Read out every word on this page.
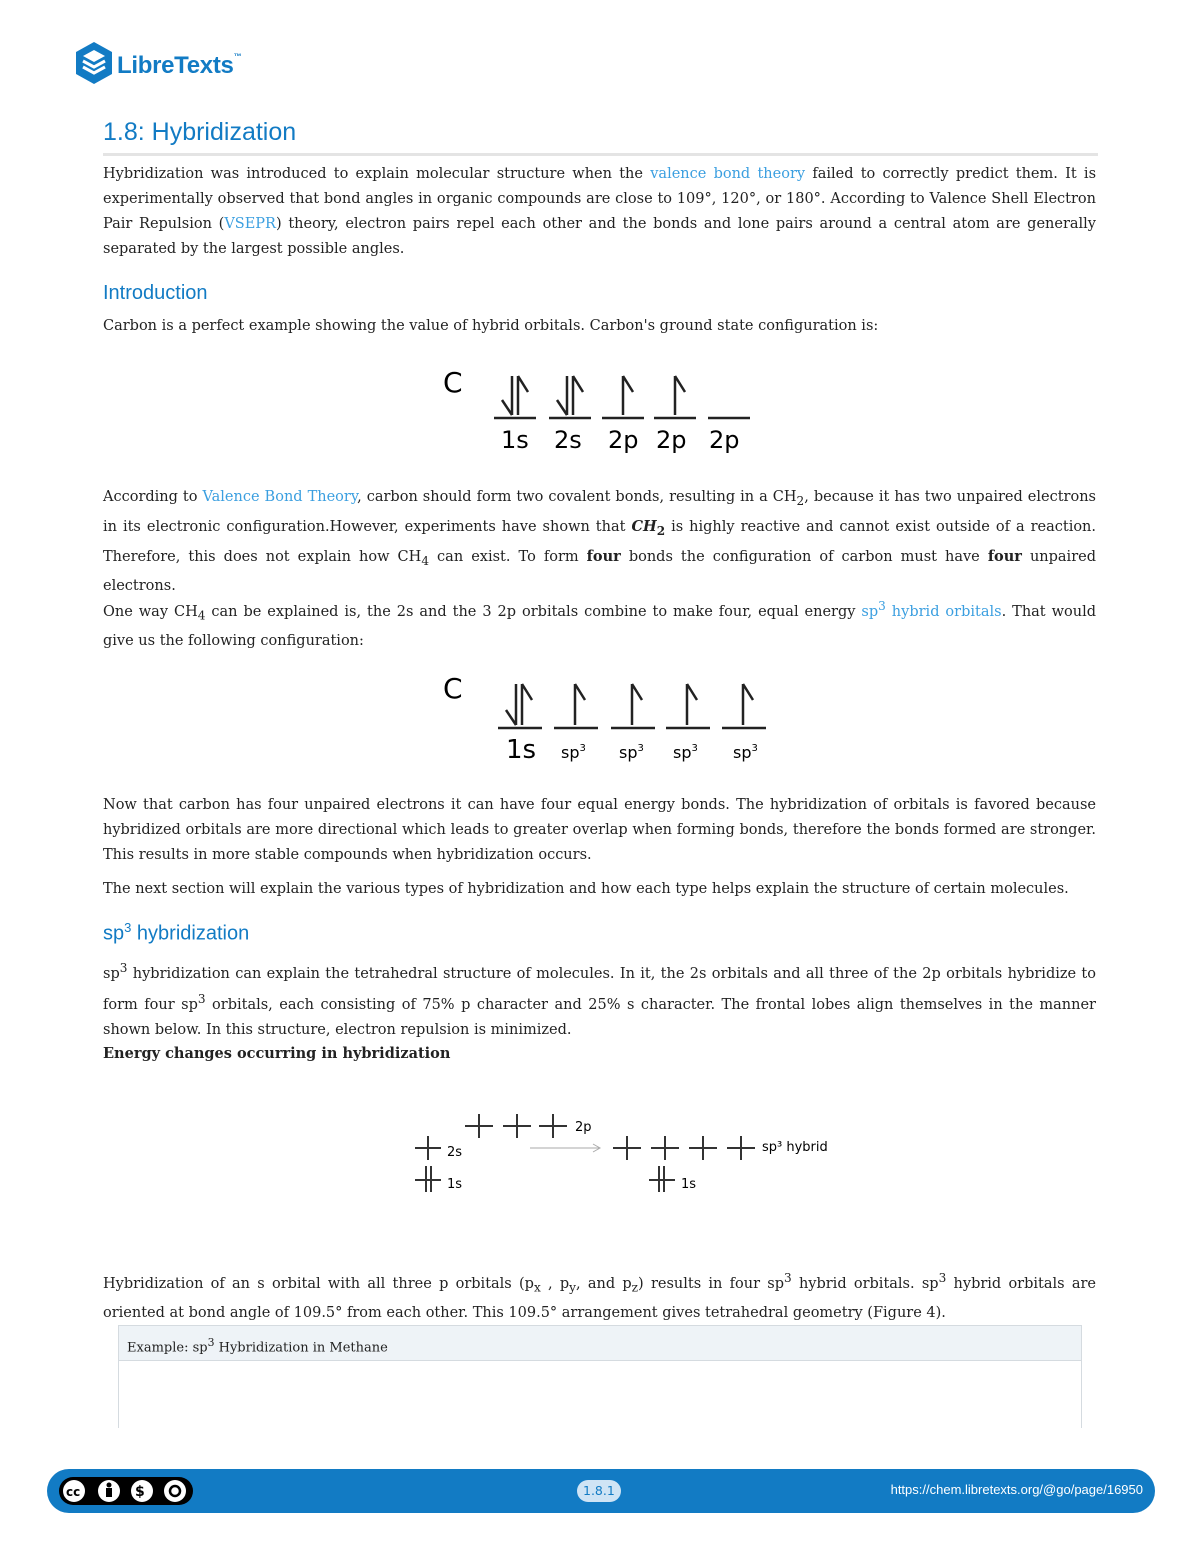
LibreTexts™
1.8: Hybridization

Hybridization was introduced to explain molecular structure when the valence bond theory failed to correctly predict them. It is experimentally observed that bond angles in organic compounds are close to 109°, 120°, or 180°. According to Valence Shell Electron Pair Repulsion (VSEPR) theory, electron pairs repel each other and the bonds and lone pairs around a central atom are generally separated by the largest possible angles.

Introduction

Carbon is a perfect example showing the value of hybrid orbitals. Carbon's ground state configuration is:

C
1s 2s 2p 2p 2p

According to Valence Bond Theory, carbon should form two covalent bonds, resulting in a $CH_2$, because it has two unpaired electrons in its electronic configuration.However, experiments have shown that $CH_2$ is highly reactive and cannot exist outside of a reaction. Therefore, this does not explain how $CH_4$ can exist. To form four bonds the configuration of carbon must have four unpaired electrons.

One way $CH_4$ can be explained is, the 2s and the 3 2p orbitals combine to make four, equal energy $sp^3$ hybrid orbitals. That would give us the following configuration:

C
1s $sp^3$ $sp^3$ $sp^3$ $sp^3$

Now that carbon has four unpaired electrons it can have four equal energy bonds. The hybridization of orbitals is favored because hybridized orbitals are more directional which leads to greater overlap when forming bonds, therefore the bonds formed are stronger. This results in more stable compounds when hybridization occurs.

The next section will explain the various types of hybridization and how each type helps explain the structure of certain molecules.

$sp^3$ hybridization

$sp^3$ hybridization can explain the tetrahedral structure of molecules. In it, the 2s orbitals and all three of the 2p orbitals hybridize to form four $sp^3$ orbitals, each consisting of 75% p character and 25% s character. The frontal lobes align themselves in the manner shown below. In this structure, electron repulsion is minimized.

Energy changes occurring in hybridization

2s
1s
2p
sp³ hybrid
1s

Hybridization of an s orbital with all three p orbitals ($p_x$ , $p_y$, and $p_z$) results in four $sp^3$ hybrid orbitals. $sp^3$ hybrid orbitals are oriented at bond angle of 109.5° from each other. This 109.5° arrangement gives tetrahedral geometry (Figure 4).

Example: $sp^3$ Hybridization in Methane
cc	$	1.8.1	https://chem.libretexts.org/@go/page/16950
